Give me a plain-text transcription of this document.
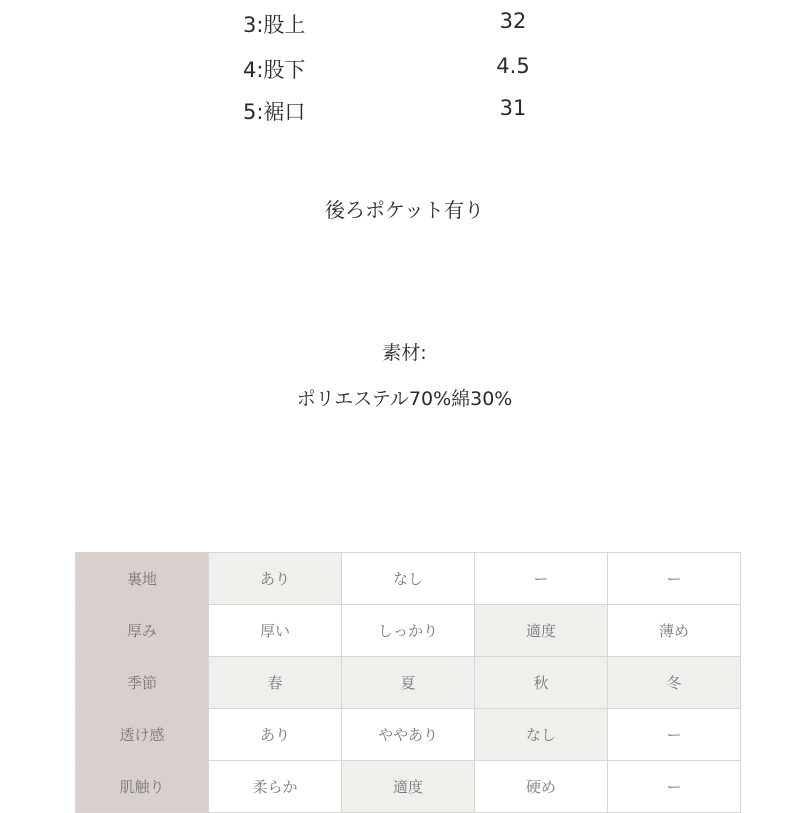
3:股上	32
4:股下	4.5
5:裾口	31
後ろポケット有り
素材:
ポリエステル70%綿30%
裏地	あり	なし	ー	ー
厚み	厚い	しっかり	適度	薄め
季節	春	夏	秋	冬
透け感	あり	ややあり	なし	ー
肌触り	柔らか	適度	硬め	ー
